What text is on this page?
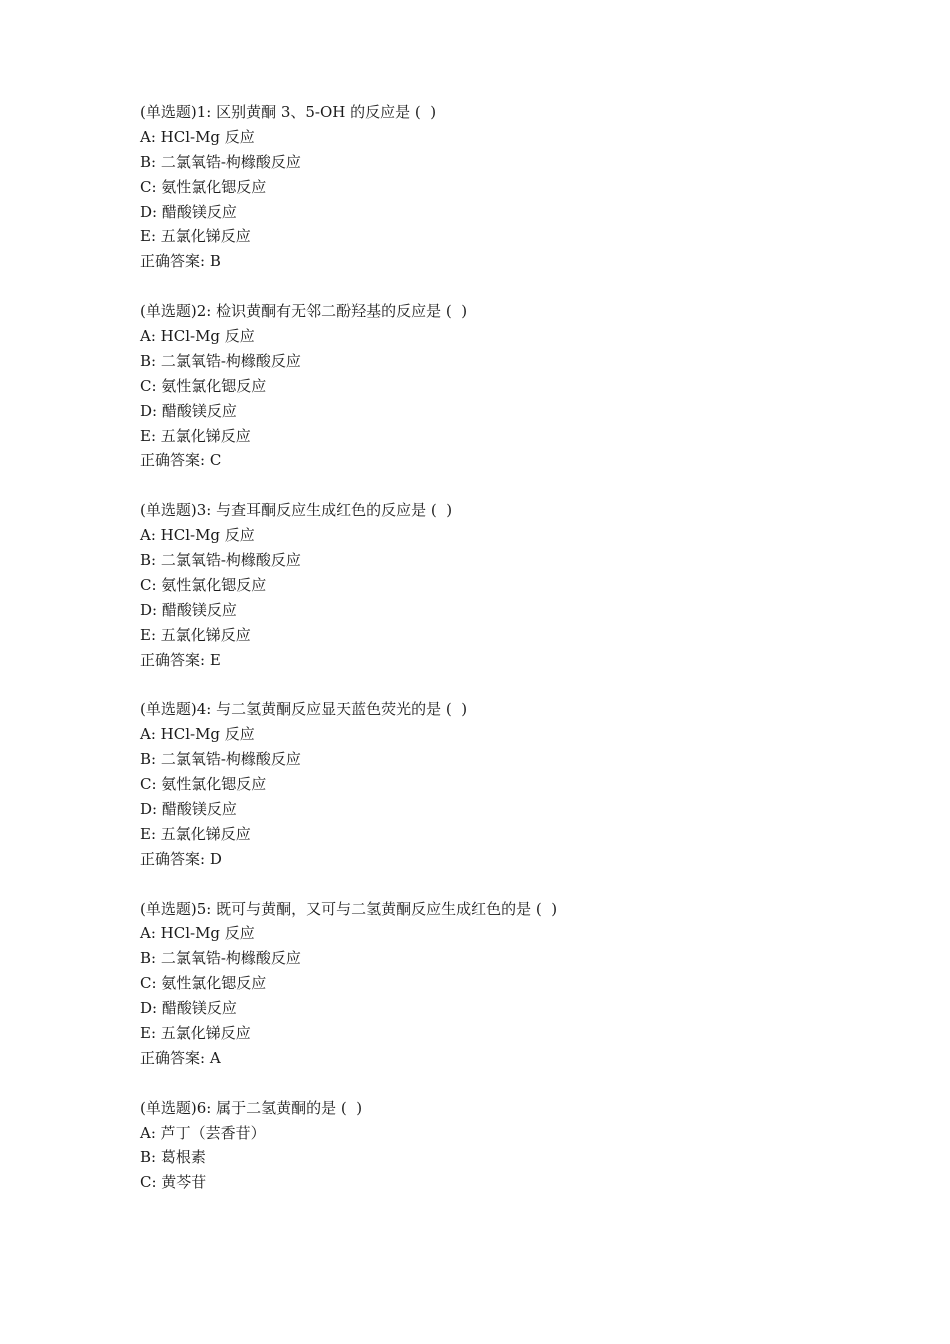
(单选题)1: 区别黄酮 3、5-OH 的反应是 (  )
A: HCl-Mg 反应
B: 二氯氧锆-枸橼酸反应
C: 氨性氯化锶反应
D: 醋酸镁反应
E: 五氯化锑反应
正确答案: B
(单选题)2: 检识黄酮有无邻二酚羟基的反应是 (  )
A: HCl-Mg 反应
B: 二氯氧锆-枸橼酸反应
C: 氨性氯化锶反应
D: 醋酸镁反应
E: 五氯化锑反应
正确答案: C
(单选题)3: 与查耳酮反应生成红色的反应是 (  )
A: HCl-Mg 反应
B: 二氯氧锆-枸橼酸反应
C: 氨性氯化锶反应
D: 醋酸镁反应
E: 五氯化锑反应
正确答案: E
(单选题)4: 与二氢黄酮反应显天蓝色荧光的是 (  )
A: HCl-Mg 反应
B: 二氯氧锆-枸橼酸反应
C: 氨性氯化锶反应
D: 醋酸镁反应
E: 五氯化锑反应
正确答案: D
(单选题)5: 既可与黄酮，又可与二氢黄酮反应生成红色的是 (  )
A: HCl-Mg 反应
B: 二氯氧锆-枸橼酸反应
C: 氨性氯化锶反应
D: 醋酸镁反应
E: 五氯化锑反应
正确答案: A
(单选题)6: 属于二氢黄酮的是 (  )
A: 芦丁（芸香苷）
B: 葛根素
C: 黄芩苷
